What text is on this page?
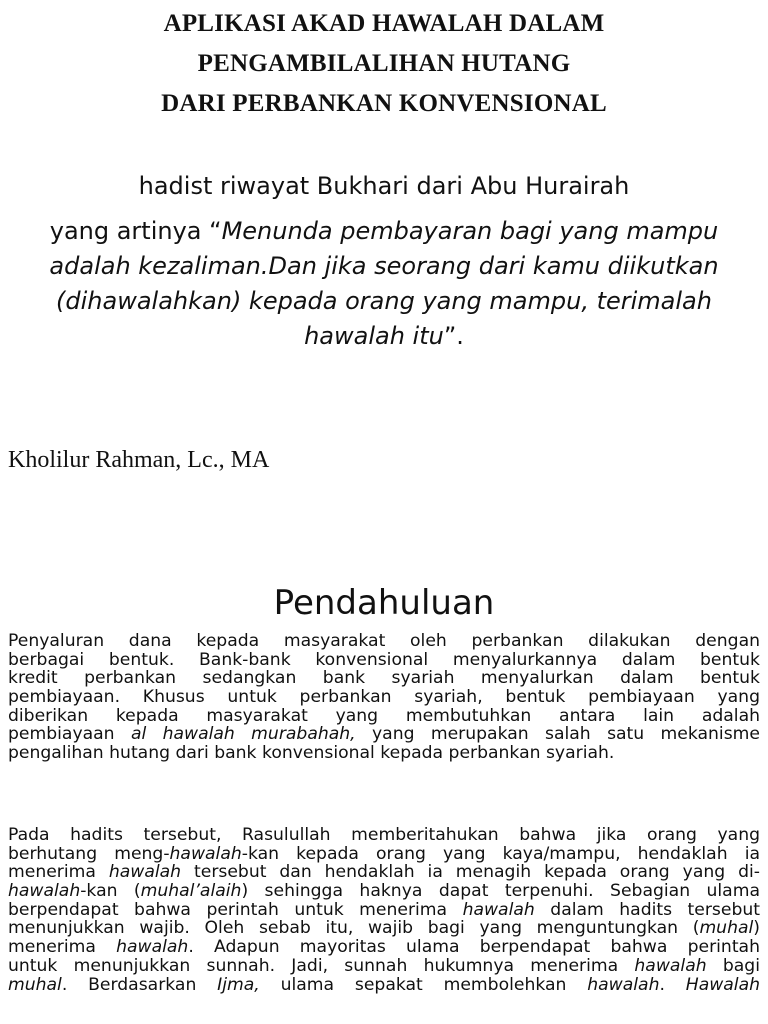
APLIKASI AKAD HAWALAH DALAM
PENGAMBILALIHAN HUTANG
DARI PERBANKAN KONVENSIONAL
hadist riwayat Bukhari dari Abu Hurairah
yang artinya “Menunda pembayaran bagi yang mampu
adalah kezaliman.Dan jika seorang dari kamu diikutkan
(dihawalahkan) kepada orang yang mampu, terimalah
hawalah itu”.
Kholilur Rahman, Lc., MA
Pendahuluan
Penyaluran dana kepada masyarakat oleh perbankan dilakukan dengan
berbagai bentuk. Bank-bank konvensional menyalurkannya dalam bentuk
kredit perbankan sedangkan bank syariah menyalurkan dalam bentuk
pembiayaan. Khusus untuk perbankan syariah, bentuk pembiayaan yang
diberikan kepada masyarakat yang membutuhkan antara lain adalah
pembiayaan al hawalah murabahah, yang merupakan salah satu mekanisme
pengalihan hutang dari bank konvensional kepada perbankan syariah.
Pada hadits tersebut, Rasulullah memberitahukan bahwa jika orang yang
berhutang meng-hawalah-kan kepada orang yang kaya/mampu, hendaklah ia
menerima hawalah tersebut dan hendaklah ia menagih kepada orang yang di-
hawalah-kan (muhal’alaih) sehingga haknya dapat terpenuhi. Sebagian ulama
berpendapat bahwa perintah untuk menerima hawalah dalam hadits tersebut
menunjukkan wajib. Oleh sebab itu, wajib bagi yang menguntungkan (muhal)
menerima hawalah. Adapun mayoritas ulama berpendapat bahwa perintah
untuk menunjukkan sunnah. Jadi, sunnah hukumnya menerima hawalah bagi
muhal. Berdasarkan Ijma, ulama sepakat membolehkan hawalah. Hawalah
